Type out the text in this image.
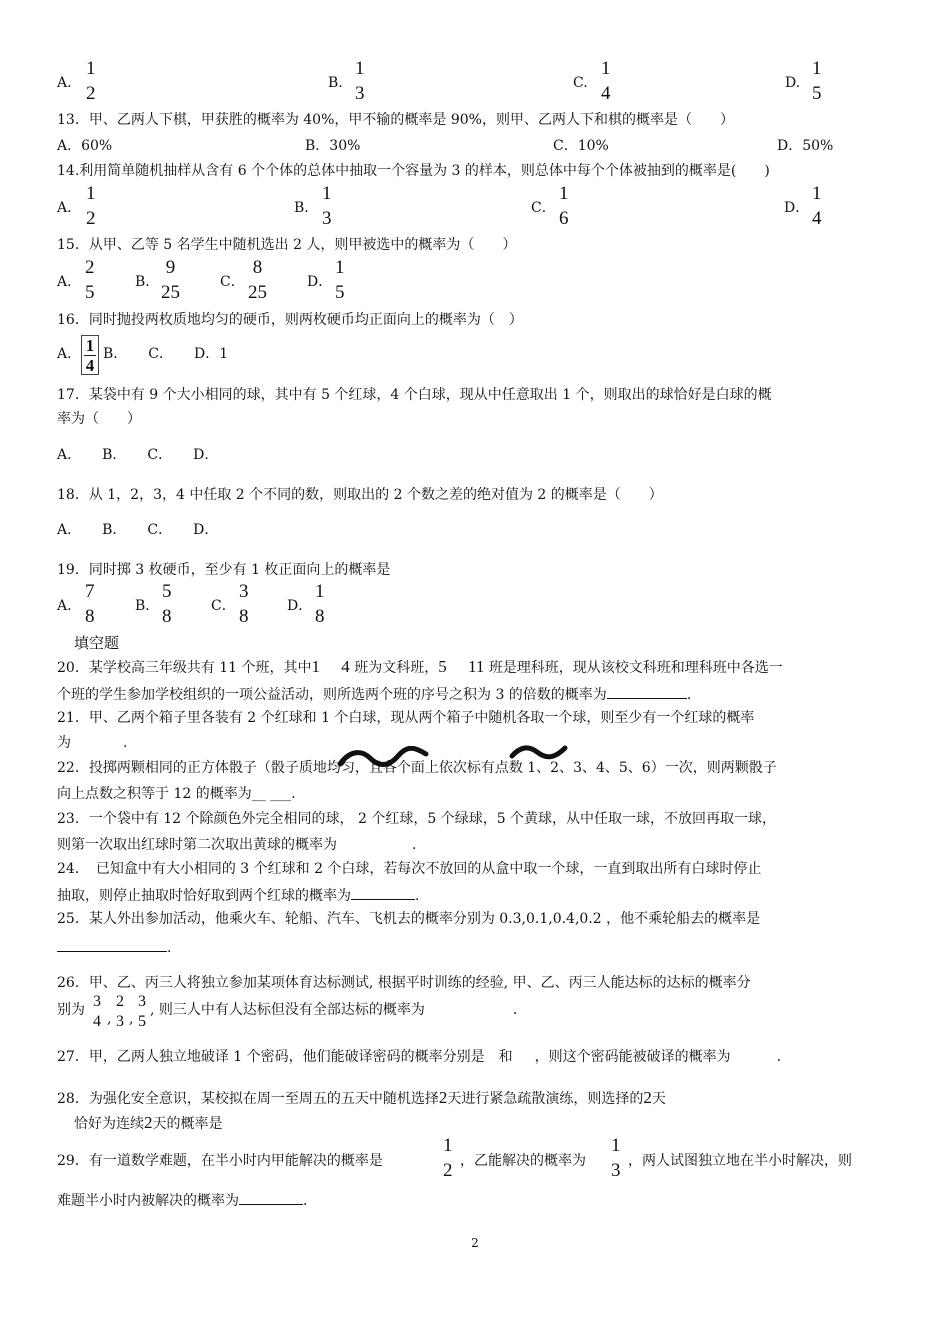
A.
1
2	B.
1
3	C.
1
4	D.
1
5
13．甲、乙两人下棋，甲获胜的概率为 40%，甲不输的概率是 90%，则甲、乙两人下和棋的概率是（　　）
A．60%	B．30%	C．10%	D．50%
14.利用简单随机抽样从含有 6 个个体的总体中抽取一个容量为 3 的样本，则总体中每个个体被抽到的概率是(　　)
A．
1
2	B．
1
3	C．
1
6	D．
1
4
15．从甲、乙等 5 名学生中随机选出 2 人，则甲被选中的概率为（　　）
A．
2
5	B．
9
25	C．
8
25	D．
1
5
16．同时抛投两枚质地均匀的硬币，则两枚硬币均正面向上的概率为（　）
A． 1
4
B．　　C．　　D．1
17．某袋中有 9 个大小相同的球，其中有 5 个红球，4 个白球，现从中任意取出 1 个，则取出的球恰好是白球的概
率为（　　）
A．　　B．　　C．　　D．
18．从 1，2，3，4 中任取 2 个不同的数，则取出的 2 个数之差的绝对值为 2 的概率是（　　）
A．　　B．　　C．　　D．
19．同时掷 3 枚硬币，至少有 1 枚正面向上的概率是
A．
7
8	B．
5
8	C．
3
8	D．
1
8
填空题
20．某学校高三年级共有 11 个班，其中1　 4 班为文科班，5　 11 班是理科班，现从该校文科班和理科班中各选一
个班的学生参加学校组织的一项公益活动，则所选两个班的序号之积为 3 的倍数的概率为	.
21．甲、乙两个箱子里各装有 2 个红球和 1 个白球，现从两个箱子中随机各取一个球，则至少有一个红球的概率
为	.
22．投掷两颗相同的正方体骰子（骰子质地均匀，且各个面上依次标有点数 1、2、3、4、5、6）一次，则两颗骰子
向上点数之积等于 12 的概率为__ ___.
23．一个袋中有 12 个除颜色外完全相同的球， 2 个红球，5 个绿球，5 个黄球，从中任取一球，不放回再取一球，
则第一次取出红球时第二次取出黄球的概率为	.
24．　已知盒中有大小相同的 3 个红球和 2 个白球，若每次不放回的从盒中取一个球，一直到取出所有白球时停止
抽取，则停止抽取时恰好取到两个红球的概率为	.
25．某人外出参加活动，他乘火车、轮船、汽车、飞机去的概率分别为 0.3,0.1,0.4,0.2 ，他不乘轮船去的概率是
.
26．甲、乙、丙三人将独立参加某项体育达标测试, 根据平时训练的经验, 甲、乙、丙三人能达标的达标的概率分
别为 3
4 ,
2
3 ,
3
5
, 则三人中有人达标但没有全部达标的概率为	.
27．甲，乙两人独立地破译 1 个密码，他们能破译密码的概率分别是 和 ，则这个密码能被破译的概率为	.
28．为强化安全意识，某校拟在周一至周五的五天中随机选择2天进行紧急疏散演练，则选择的2天
恰好为连续2天的概率是
29．有一道数学难题，在半小时内甲能解决的概率是
1
2 ，乙能解决的概率为
1
3 ，两人试图独立地在半小时解决，则
难题半小时内被解决的概率为	.
2
